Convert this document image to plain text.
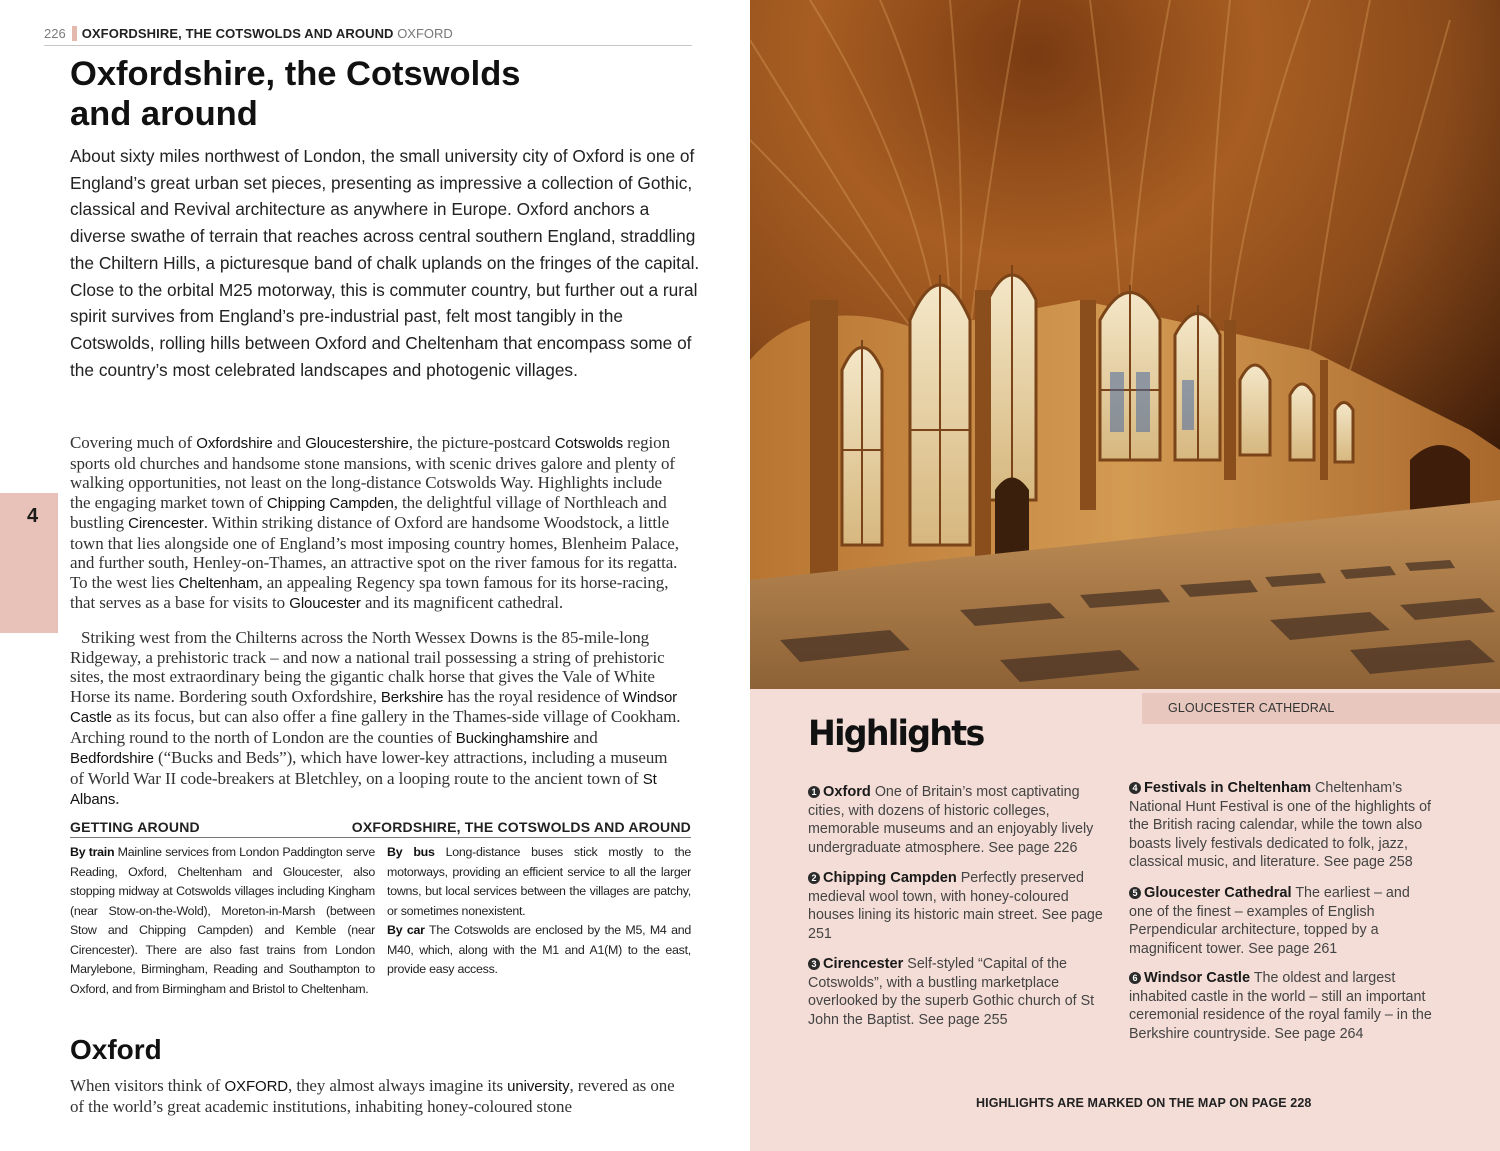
226 OXFORDSHIRE, THE COTSWOLDS AND AROUND OXFORD
Oxfordshire, the Cotswolds
and around

About sixty miles northwest of London, the small university city of Oxford is one of England’s great urban set pieces, presenting as impressive a collection of Gothic, classical and Revival architecture as anywhere in Europe. Oxford anchors a diverse swathe of terrain that reaches across central southern England, straddling the Chiltern Hills, a picturesque band of chalk uplands on the fringes of the capital. Close to the orbital M25 motorway, this is commuter country, but further out a rural spirit survives from England’s pre-industrial past, felt most tangibly in the Cotswolds, rolling hills between Oxford and Cheltenham that encompass some of the country’s most celebrated landscapes and photogenic villages.

4

Covering much of Oxfordshire and Gloucestershire, the picture-postcard Cotswolds region sports old churches and handsome stone mansions, with scenic drives galore and plenty of walking opportunities, not least on the long-distance Cotswolds Way. Highlights include the engaging market town of Chipping Campden, the delightful village of Northleach and bustling Cirencester. Within striking distance of Oxford are handsome Woodstock, a little town that lies alongside one of England’s most imposing country homes, Blenheim Palace, and further south, Henley-on-Thames, an attractive spot on the river famous for its regatta. To the west lies Cheltenham, an appealing Regency spa town famous for its horse-racing, that serves as a base for visits to Gloucester and its magnificent cathedral.

Striking west from the Chilterns across the North Wessex Downs is the 85-mile-long Ridgeway, a prehistoric track – and now a national trail possessing a string of prehistoric sites, the most extraordinary being the gigantic chalk horse that gives the Vale of White Horse its name. Bordering south Oxfordshire, Berkshire has the royal residence of Windsor Castle as its focus, but can also offer a fine gallery in the Thames-side village of Cookham. Arching round to the north of London are the counties of Buckinghamshire and Bedfordshire (“Bucks and Beds”), which have lower-key attractions, including a museum of World War II code-breakers at Bletchley, on a looping route to the ancient town of St Albans.

GETTING AROUND	OXFORDSHIRE, THE COTSWOLDS AND AROUND

By train Mainline services from London Paddington serve Reading, Oxford, Cheltenham and Gloucester, also stopping midway at Cotswolds villages including Kingham (near Stow-on-the-Wold), Moreton-in-Marsh (between Stow and Chipping Campden) and Kemble (near Cirencester). There are also fast trains from London Marylebone, Birmingham, Reading and Southampton to Oxford, and from Birmingham and Bristol to Cheltenham.

By bus Long-distance buses stick mostly to the motorways, providing an efficient service to all the larger towns, but local services between the villages are patchy, or sometimes nonexistent.
By car The Cotswolds are enclosed by the M5, M4 and M40, which, along with the M1 and A1(M) to the east, provide easy access.
Oxford

When visitors think of OXFORD, they almost always imagine its university, revered as one of the world’s great academic institutions, inhabiting honey-coloured stone

GLOUCESTER CATHEDRAL
Highlights

1 Oxford One of Britain’s most captivating cities, with dozens of historic colleges, memorable museums and an enjoyably lively undergraduate atmosphere. See page 226

2 Chipping Campden Perfectly preserved medieval wool town, with honey-coloured houses lining its historic main street. See page 251

3 Cirencester Self-styled “Capital of the Cotswolds”, with a bustling marketplace overlooked by the superb Gothic church of St John the Baptist. See page 255

4 Festivals in Cheltenham Cheltenham’s National Hunt Festival is one of the highlights of the British racing calendar, while the town also boasts lively festivals dedicated to folk, jazz, classical music, and literature. See page 258

5 Gloucester Cathedral The earliest – and one of the finest – examples of English Perpendicular architecture, topped by a magnificent tower. See page 261

6 Windsor Castle The oldest and largest inhabited castle in the world – still an important ceremonial residence of the royal family – in the Berkshire countryside. See page 264

HIGHLIGHTS ARE MARKED ON THE MAP ON PAGE 228
